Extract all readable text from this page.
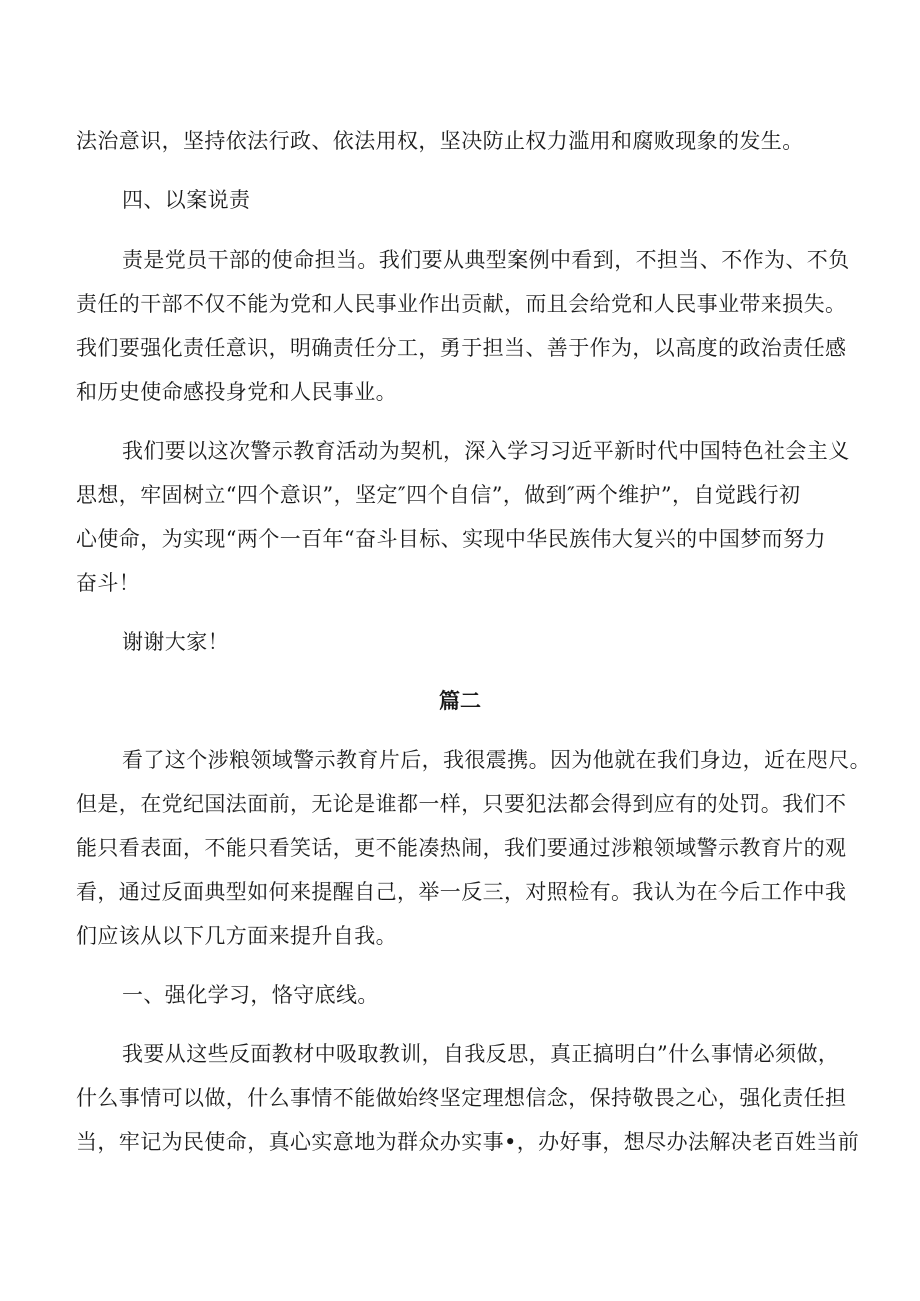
法治意识，坚持依法行政、依法用权，坚决防止权力滥用和腐败现象的发生。
四、以案说责
责是党员干部的使命担当。我们要从典型案例中看到，不担当、不作为、不负
责任的干部不仅不能为党和人民事业作出贡献，而且会给党和人民事业带来损失。
我们要强化责任意识，明确责任分工，勇于担当、善于作为，以高度的政治责任感
和历史使命感投身党和人民事业。
我们要以这次警示教育活动为契机，深入学习习近平新时代中国特色社会主义
思想，牢固树立“四个意识”，坚定″四个自信”，做到″两个维护”，自觉践行初
心使命，为实现“两个一百年“奋斗目标、实现中华民族伟大复兴的中国梦而努力
奋斗！
谢谢大家！
篇二
看了这个涉粮领域警示教育片后，我很震携。因为他就在我们身边，近在咫尺。
但是，在党纪国法面前，无论是谁都一样，只要犯法都会得到应有的处罚。我们不
能只看表面，不能只看笑话，更不能凑热闹，我们要通过涉粮领域警示教育片的观
看，通过反面典型如何来提醒自己，举一反三，对照检有。我认为在今后工作中我
们应该从以下几方面来提升自我。
一、强化学习，恪守底线。
我要从这些反面教材中吸取教训，自我反思，真正搞明白”什么事情必须做，
什么事情可以做，什么事情不能做始终坚定理想信念，保持敬畏之心，强化责任担
当，牢记为民使命，真心实意地为群众办实事•，办好事，想尽办法解决老百姓当前
